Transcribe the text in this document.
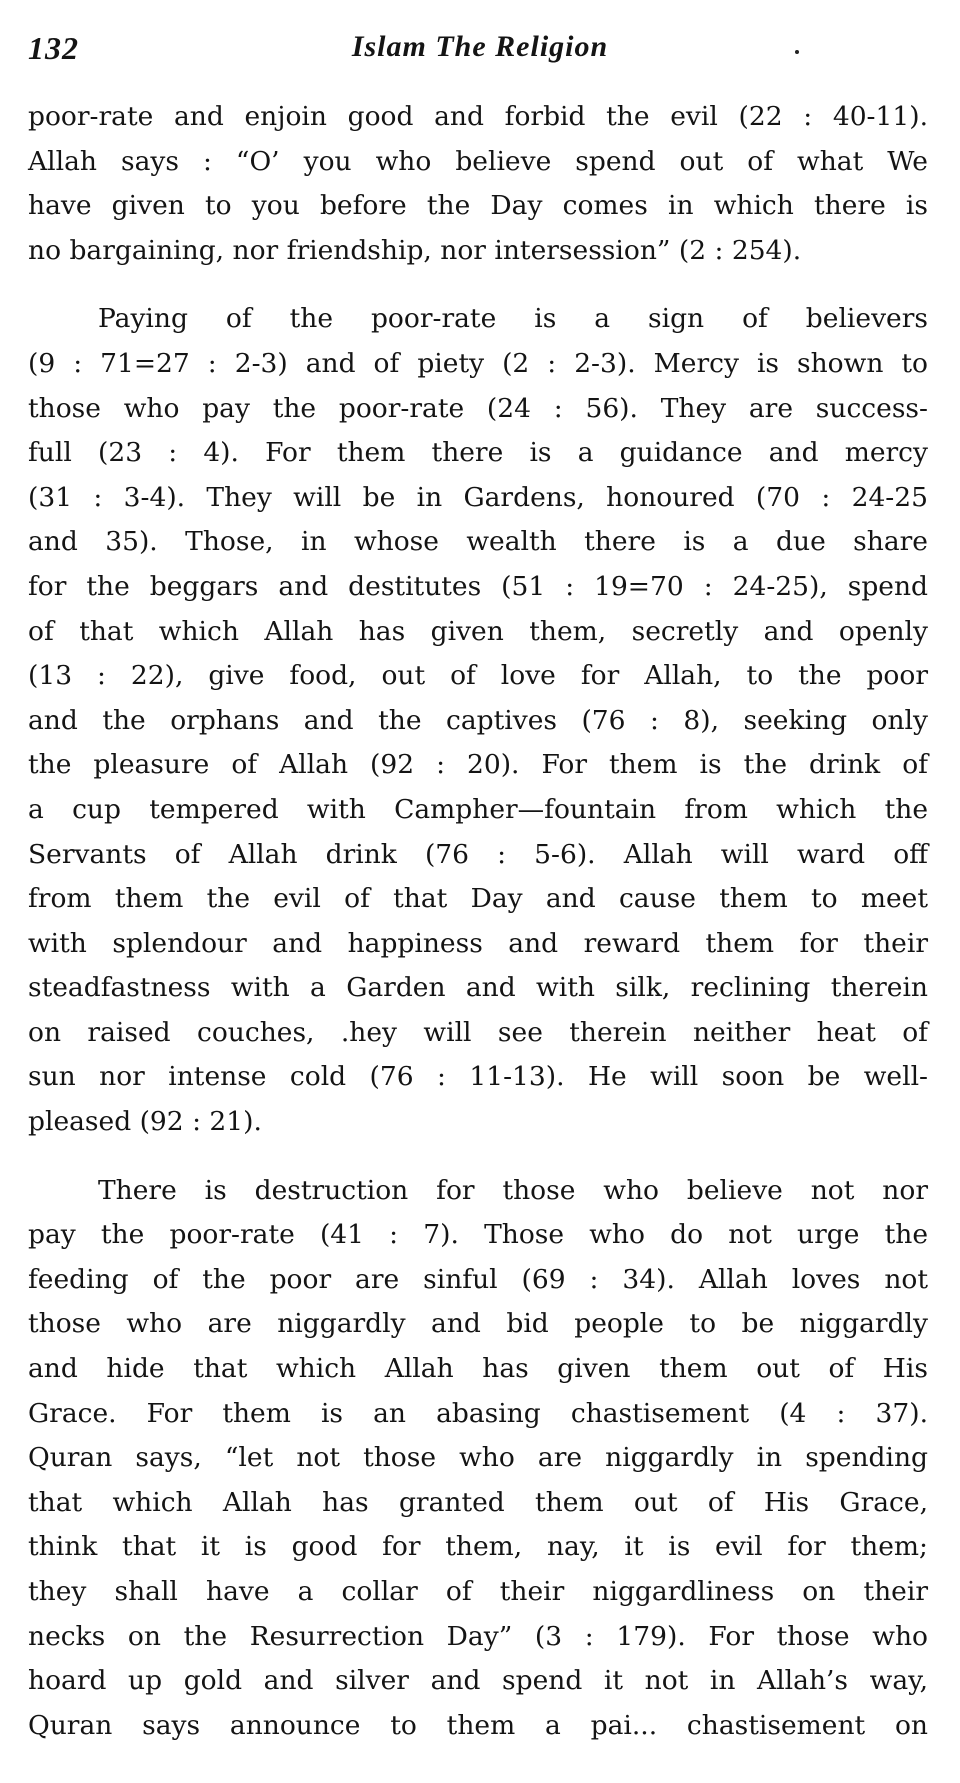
132	Islam The Religion
poor-rate and enjoin good and forbid the evil (22 : 40-11).
Allah says : “O’ you who believe spend out of what We
have given to you before the Day comes in which there is
no bargaining, nor friendship, nor intersession” (2 : 254).
Paying of the poor-rate is a sign of believers
(9 : 71=27 : 2-3) and of piety (2 : 2-3). Mercy is shown to
those who pay the poor-rate (24 : 56). They are success-
full (23 : 4). For them there is a guidance and mercy
(31 : 3-4). They will be in Gardens, honoured (70 : 24-25
and 35). Those, in whose wealth there is a due share
for the beggars and destitutes (51 : 19=70 : 24-25), spend
of that which Allah has given them, secretly and openly
(13 : 22), give food, out of love for Allah, to the poor
and the orphans and the captives (76 : 8), seeking only
the pleasure of Allah (92 : 20). For them is the drink of
a cup tempered with Campher—fountain from which the
Servants of Allah drink (76 : 5-6). Allah will ward off
from them the evil of that Day and cause them to meet
with splendour and happiness and reward them for their
steadfastness with a Garden and with silk, reclining therein
on raised couches, .hey will see therein neither heat of
sun nor intense cold (76 : 11-13). He will soon be well-
pleased (92 : 21).
There is destruction for those who believe not nor
pay the poor-rate (41 : 7). Those who do not urge the
feeding of the poor are sinful (69 : 34). Allah loves not
those who are niggardly and bid people to be niggardly
and hide that which Allah has given them out of His
Grace. For them is an abasing chastisement (4 : 37).
Quran says, “let not those who are niggardly in spending
that which Allah has granted them out of His Grace,
think that it is good for them, nay, it is evil for them;
they shall have a collar of their niggardliness on their
necks on the Resurrection Day” (3 : 179). For those who
hoard up gold and silver and spend it not in Allah’s way,
Quran says announce to them a pai... chastisement on
